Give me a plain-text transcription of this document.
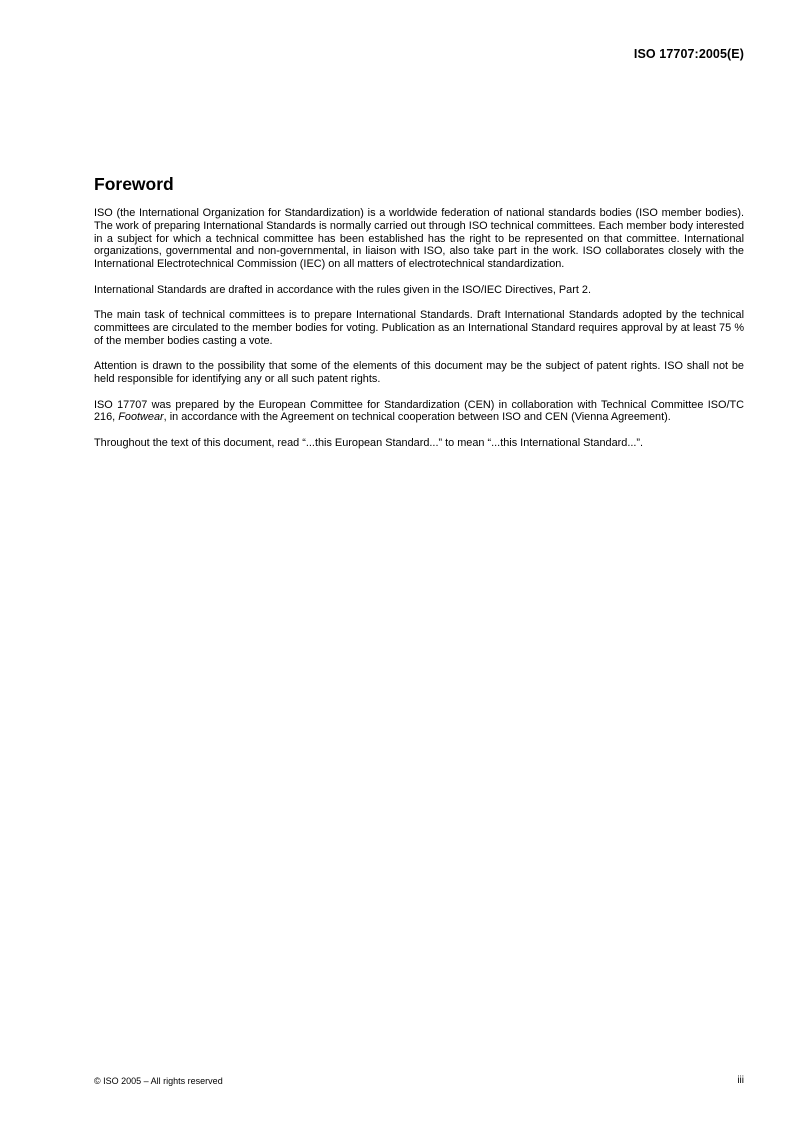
ISO 17707:2005(E)
Foreword

ISO (the International Organization for Standardization) is a worldwide federation of national standards bodies (ISO member bodies). The work of preparing International Standards is normally carried out through ISO technical committees. Each member body interested in a subject for which a technical committee has been established has the right to be represented on that committee. International organizations, governmental and non-governmental, in liaison with ISO, also take part in the work. ISO collaborates closely with the International Electrotechnical Commission (IEC) on all matters of electrotechnical standardization.

International Standards are drafted in accordance with the rules given in the ISO/IEC Directives, Part 2.

The main task of technical committees is to prepare International Standards. Draft International Standards adopted by the technical committees are circulated to the member bodies for voting. Publication as an International Standard requires approval by at least 75 % of the member bodies casting a vote.

Attention is drawn to the possibility that some of the elements of this document may be the subject of patent rights. ISO shall not be held responsible for identifying any or all such patent rights.

ISO 17707 was prepared by the European Committee for Standardization (CEN) in collaboration with Technical Committee ISO/TC 216, Footwear, in accordance with the Agreement on technical cooperation between ISO and CEN (Vienna Agreement).

Throughout the text of this document, read “...this European Standard...” to mean “...this International Standard...”.

© ISO 2005 – All rights reserved	iii
